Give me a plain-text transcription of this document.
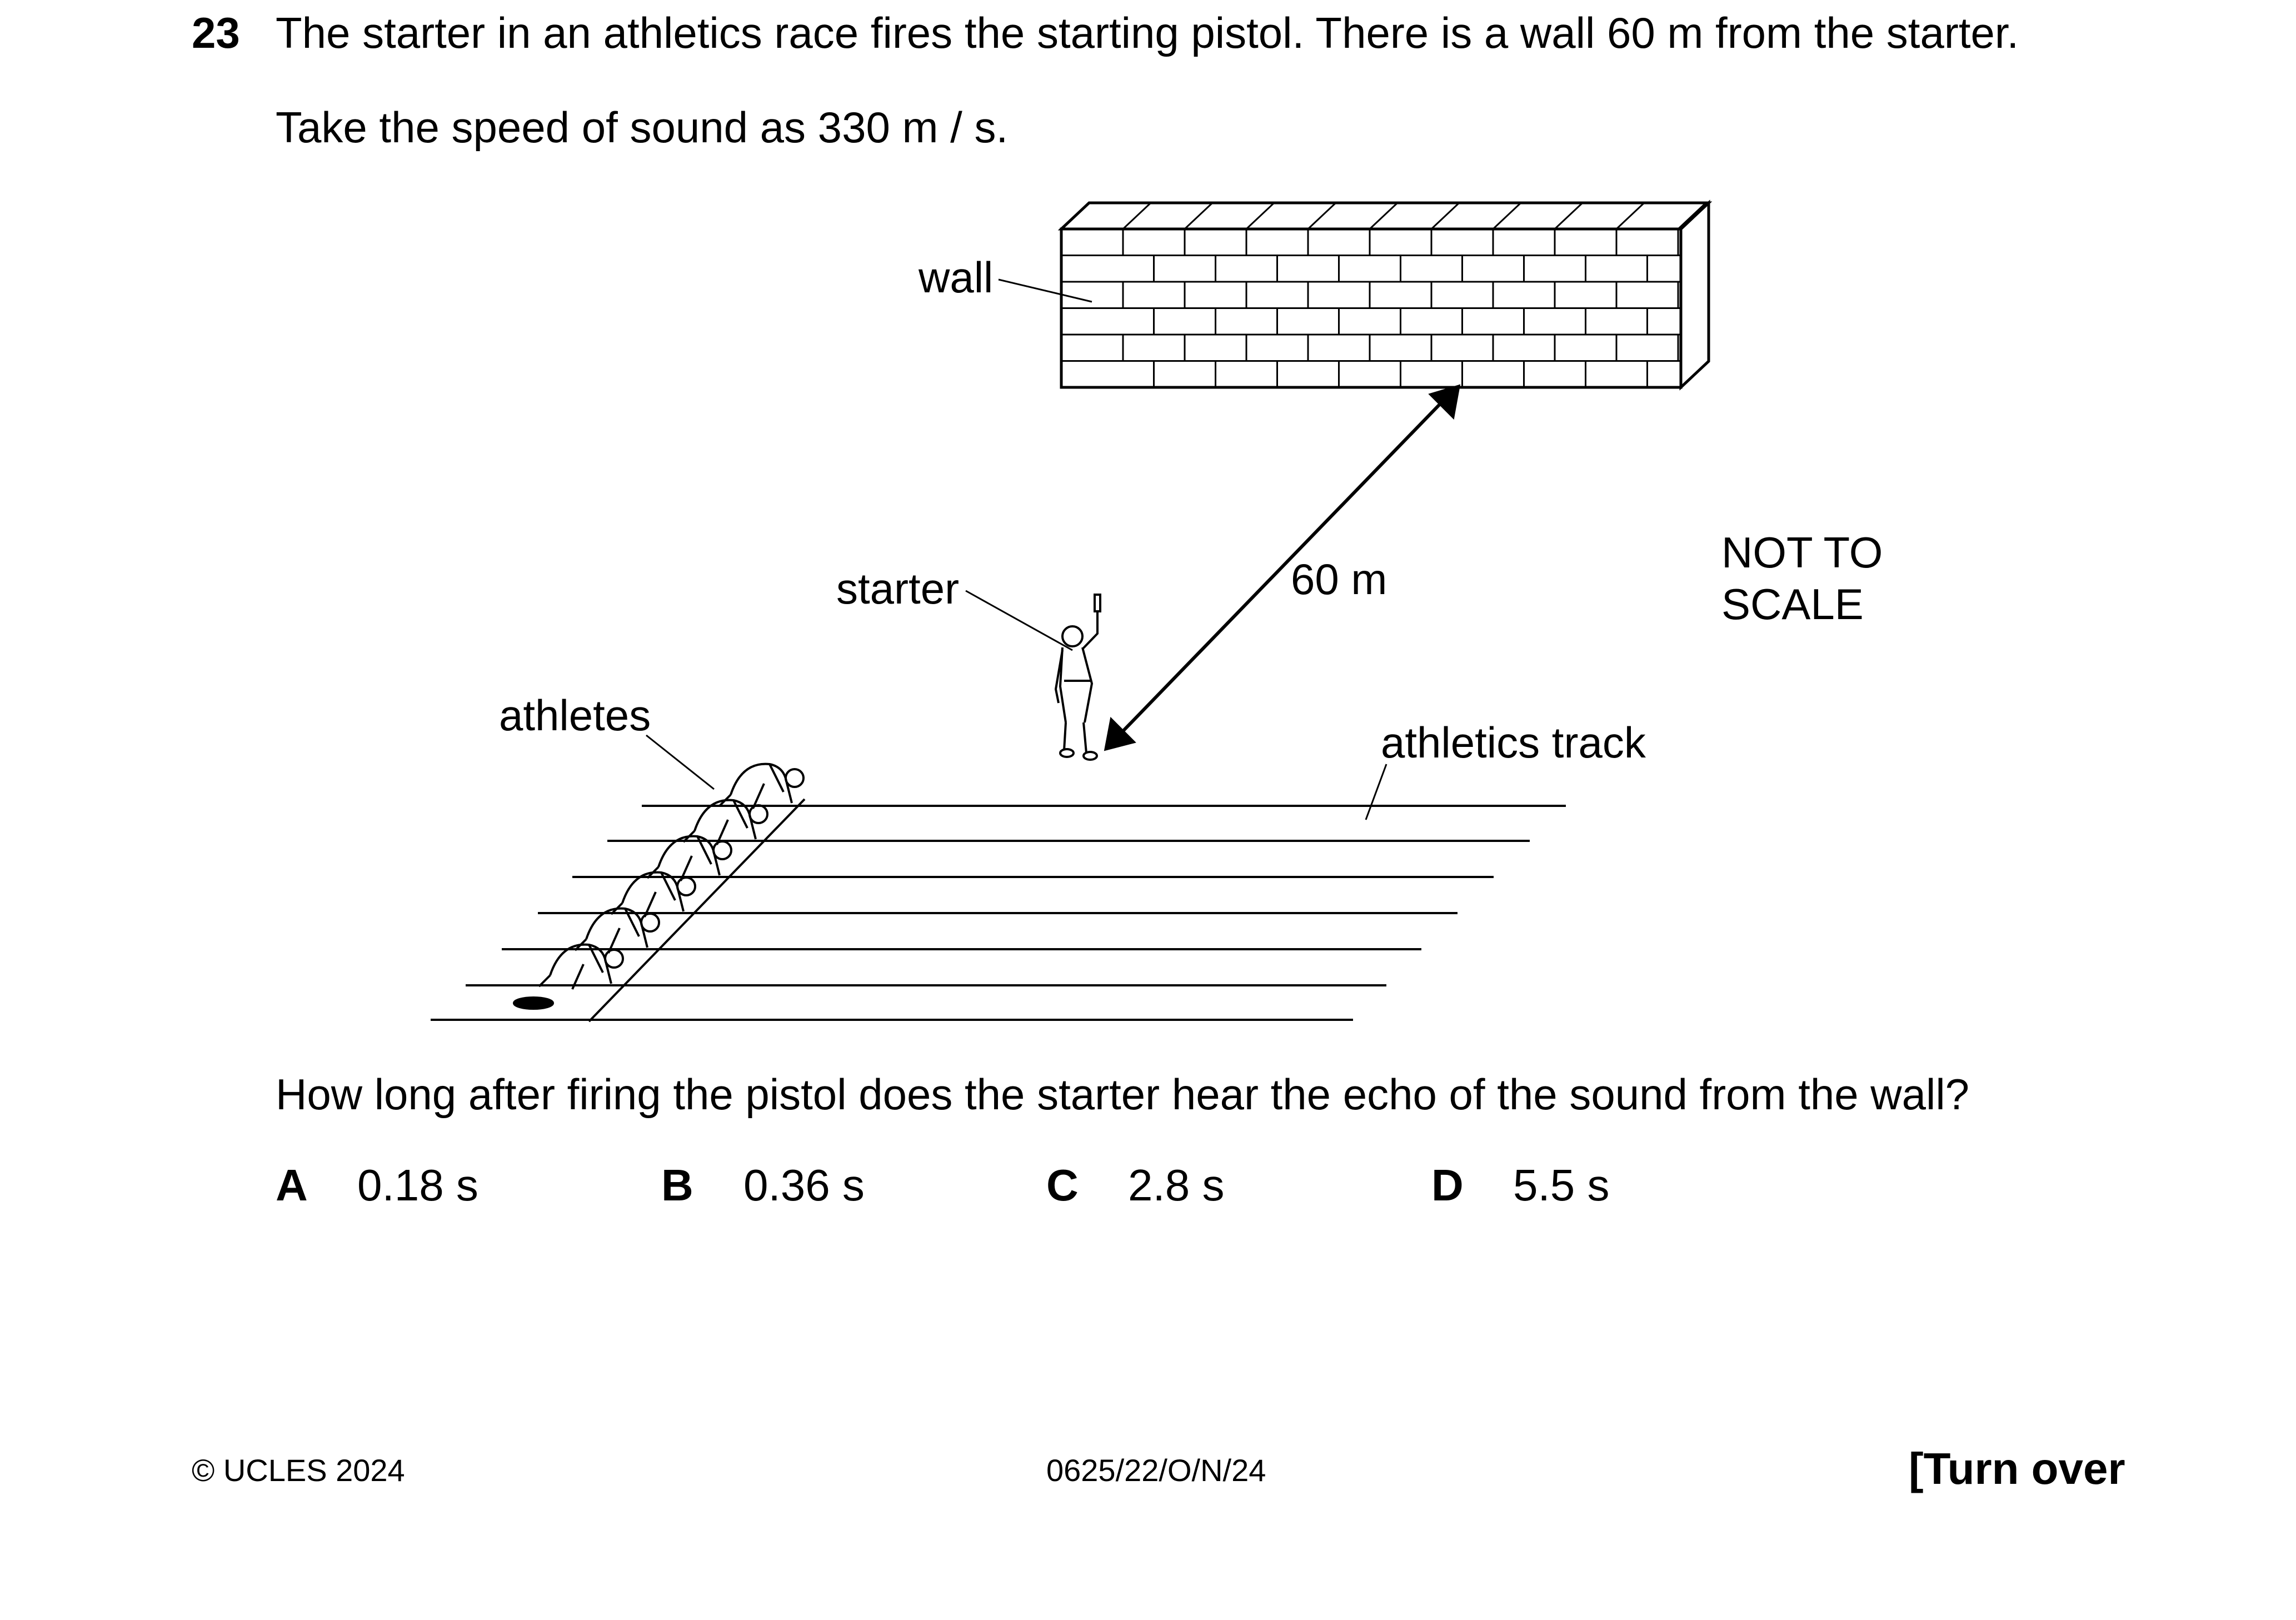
23 The starter in an athletics race fires the starting pistol. There is a wall 60 m from the starter.
Take the speed of sound as 330 m / s.
wall
starter
athletes
athletics track
60 m
NOT TO
SCALE
How long after firing the pistol does the starter hear the echo of the sound from the wall?
A 0.18 s	B 0.36 s	C 2.8 s	D 5.5 s
© UCLES 2024	0625/22/O/N/24	[Turn over
